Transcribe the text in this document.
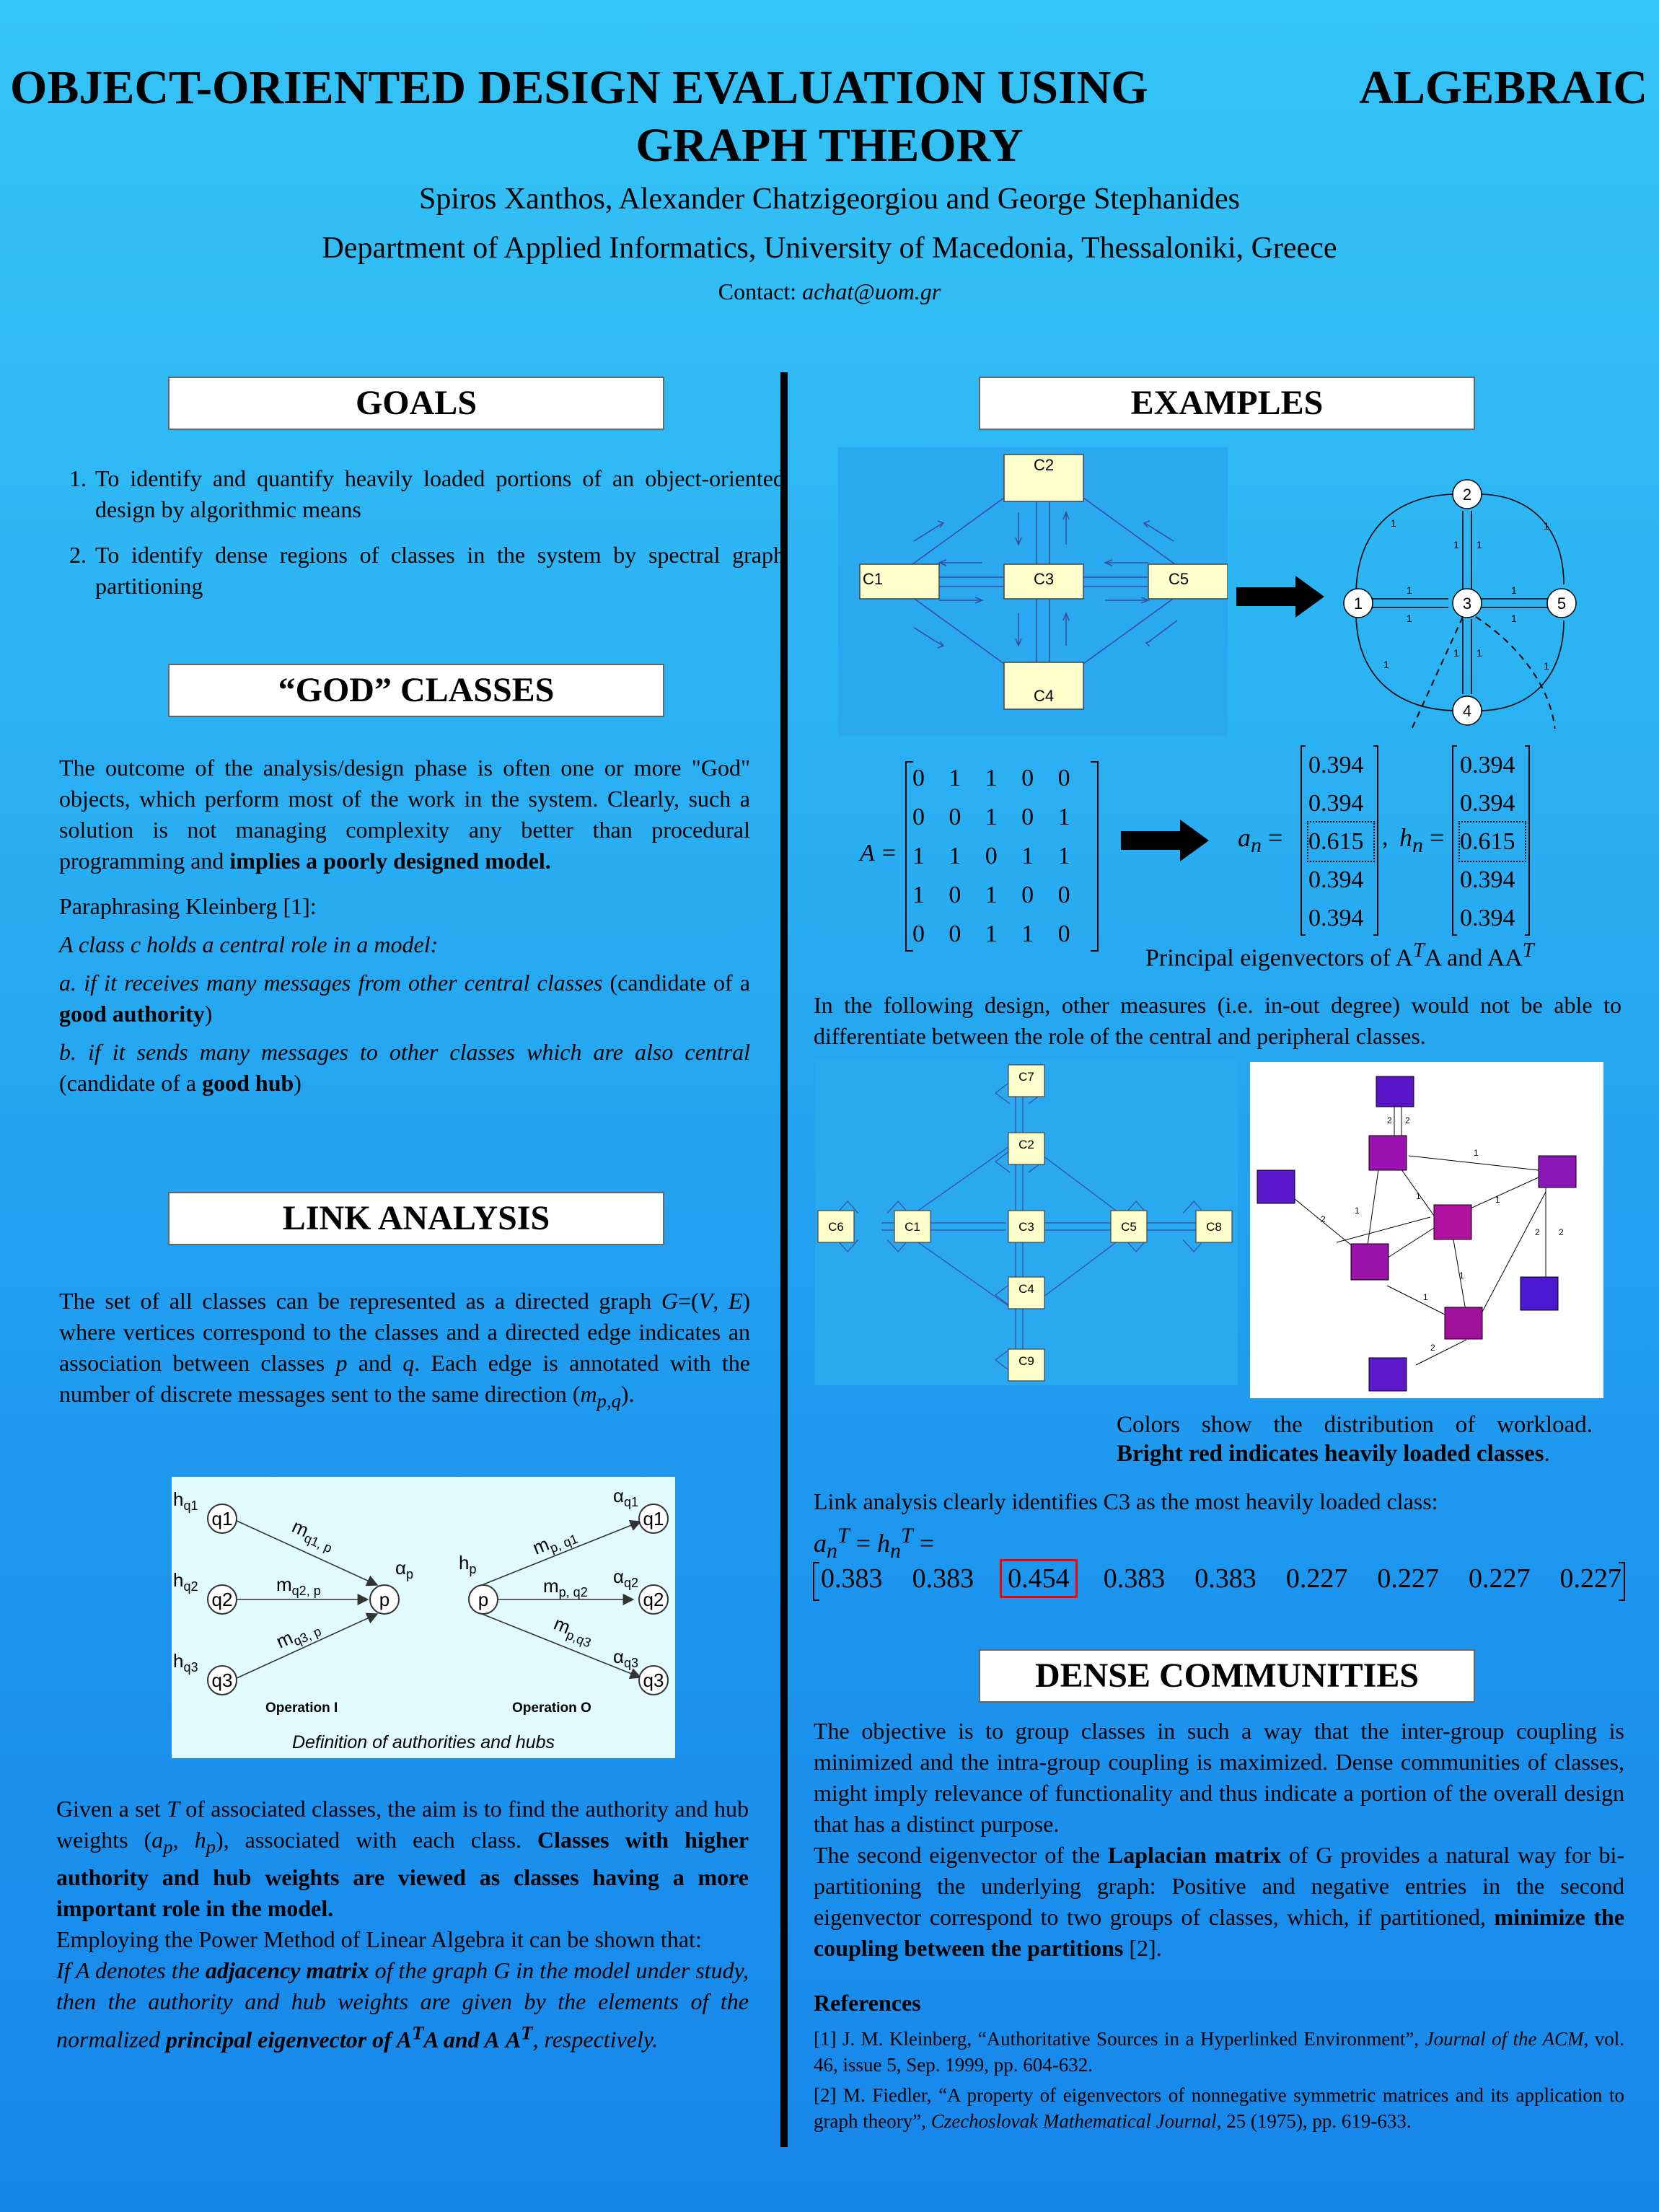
OBJECT-ORIENTED DESIGN EVALUATION USING	ALGEBRAIC
GRAPH THEORY
Spiros Xanthos, Alexander Chatzigeorgiou and George Stephanides
Department of Applied Informatics, University of Macedonia, Thessaloniki, Greece
Contact: achat@uom.gr
GOALS
1. To identify and quantify heavily loaded portions of an object-oriented design by algorithmic means
2. To identify dense regions of classes in the system by spectral graph partitioning
“GOD” CLASSES

The outcome of the analysis/design phase is often one or more "God" objects, which perform most of the work in the system. Clearly, such a solution is not managing complexity any better than procedural programming and implies a poorly designed model.

Paraphrasing Kleinberg [1]:

A class c holds a central role in a model:

a. if it receives many messages from other central classes (candidate of a good authority)

b. if it sends many messages to other classes which are also central (candidate of a good hub)

LINK ANALYSIS

The set of all classes can be represented as a directed graph G=(V, E) where vertices correspond to the classes and a directed edge indicates an association between classes p and q. Each edge is annotated with the number of discrete messages sent to the same direction $(m_{p,q})$.

q1
q2
q3
p	p
q1
q2
q3
$h_{q1}$
$h_{q2}$
$h_{q3}$
$m_{q1, p}$
$m_{q2, p}$
$m_{q3, p}$
$\alpha_p$
$h_p$
$m_{p, q1}$
$m_{p, q2}$
$m_{p,q3}$
$\alpha_{q1}$
$\alpha_{q2}$
$\alpha_{q3}$
Operation I	Operation O
Definition of authorities and hubs

Given a set T of associated classes, the aim is to find the authority and hub weights ($a_p$, $h_p$), associated with each class. Classes with higher authority and hub weights are viewed as classes having a more important role in the model.

Employing the Power Method of Linear Algebra it can be shown that:

If A denotes the adjacency matrix of the graph G in the model under study, then the authority and hub weights are given by the elements of the normalized principal eigenvector of $A^TA$ and A $A^T$, respectively.

EXAMPLES
C2
C3
C4
C1	C5
1
2
3
4
5
1	1
1	1
1
1
1
1
1 1
1 1
A =
0	1	1	0	0
0	0	1	0	1
1	1	0	1	1
1	0	1	0	0
0	0	1	1	0
$a_n$ =
0.394
0.394
0.615
0.394
0.394
, $h_n$ =
0.394
0.394
0.615
0.394
0.394
Principal eigenvectors of $A^TA$ and $AA^T$
In the following design, other measures (i.e. in-out degree) would not be able to differentiate between the role of the central and peripheral classes.
C7
C2
C6	C1	C3	C5	C8
C4
C9
2 2
1
2
1
1	1
2 2
1
1
2
Colors show the distribution of workload.
Bright red indicates heavily loaded classes.
Link analysis clearly identifies C3 as the most heavily loaded class:
$a_n^T = h_n^T$ =
0.383 0.383 0.454 0.383 0.383 0.227 0.227 0.227 0.227
DENSE COMMUNITIES

The objective is to group classes in such a way that the inter-group coupling is minimized and the intra-group coupling is maximized. Dense communities of classes, might imply relevance of functionality and thus indicate a portion of the overall design that has a distinct purpose.

The second eigenvector of the Laplacian matrix of G provides a natural way for bi-partitioning the underlying graph: Positive and negative entries in the second eigenvector correspond to two groups of classes, which, if partitioned, minimize the coupling between the partitions [2].

References

[1] J. M. Kleinberg, “Authoritative Sources in a Hyperlinked Environment”, Journal of the ACM, vol. 46, issue 5, Sep. 1999, pp. 604-632.

[2] M. Fiedler, “A property of eigenvectors of nonnegative symmetric matrices and its application to graph theory”, Czechoslovak Mathematical Journal, 25 (1975), pp. 619-633.
